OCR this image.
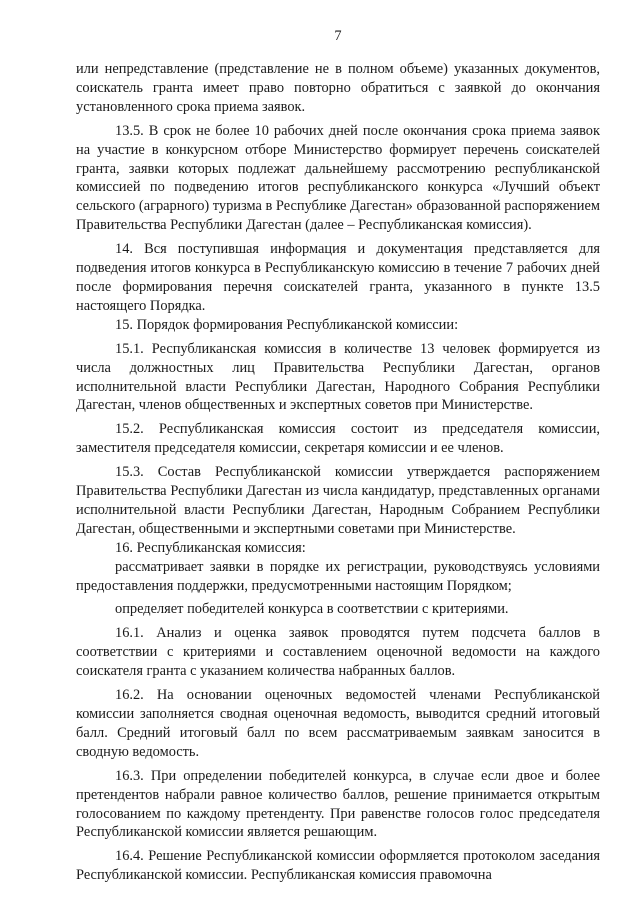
7

или непредставление (представление не в полном объеме) указанных документов, соискатель гранта имеет право повторно обратиться с заявкой до окончания установленного срока приема заявок.

13.5. В срок не более 10 рабочих дней после окончания срока приема заявок на участие в конкурсном отборе Министерство формирует перечень соискателей гранта, заявки которых подлежат дальнейшему рассмотрению республиканской комиссией по подведению итогов республиканского конкурса «Лучший объект сельского (аграрного) туризма в Республике Дагестан» образованной распоряжением Правительства Республики Дагестан (далее – Республиканская комиссия).

14. Вся поступившая информация и документация представляется для подведения итогов конкурса в Республиканскую комиссию в течение 7 рабочих дней после формирования перечня соискателей гранта, указанного в пункте 13.5 настоящего Порядка.

15. Порядок формирования Республиканской комиссии:

15.1. Республиканская комиссия в количестве 13 человек формируется из числа должностных лиц Правительства Республики Дагестан, органов исполнительной власти Республики Дагестан, Народного Собрания Республики Дагестан, членов общественных и экспертных советов при Министерстве.

15.2. Республиканская комиссия состоит из председателя комиссии, заместителя председателя комиссии, секретаря комиссии и ее членов.

15.3. Состав Республиканской комиссии утверждается распоряжением Правительства Республики Дагестан из числа кандидатур, представленных органами исполнительной власти Республики Дагестан, Народным Собранием Республики Дагестан, общественными и экспертными советами при Министерстве.

16. Республиканская комиссия:

рассматривает заявки в порядке их регистрации, руководствуясь условиями предоставления поддержки, предусмотренными настоящим Порядком;

определяет победителей конкурса в соответствии с критериями.

16.1. Анализ и оценка заявок проводятся путем подсчета баллов в соответствии с критериями и составлением оценочной ведомости на каждого соискателя гранта с указанием количества набранных баллов.

16.2. На основании оценочных ведомостей членами Республиканской комиссии заполняется сводная оценочная ведомость, выводится средний итоговый балл. Средний итоговый балл по всем рассматриваемым заявкам заносится в сводную ведомость.

16.3. При определении победителей конкурса, в случае если двое и более претендентов набрали равное количество баллов, решение принимается открытым голосованием по каждому претенденту. При равенстве голосов голос председателя Республиканской комиссии является решающим.

16.4. Решение Республиканской комиссии оформляется протоколом заседания Республиканской комиссии. Республиканская комиссия правомочна
